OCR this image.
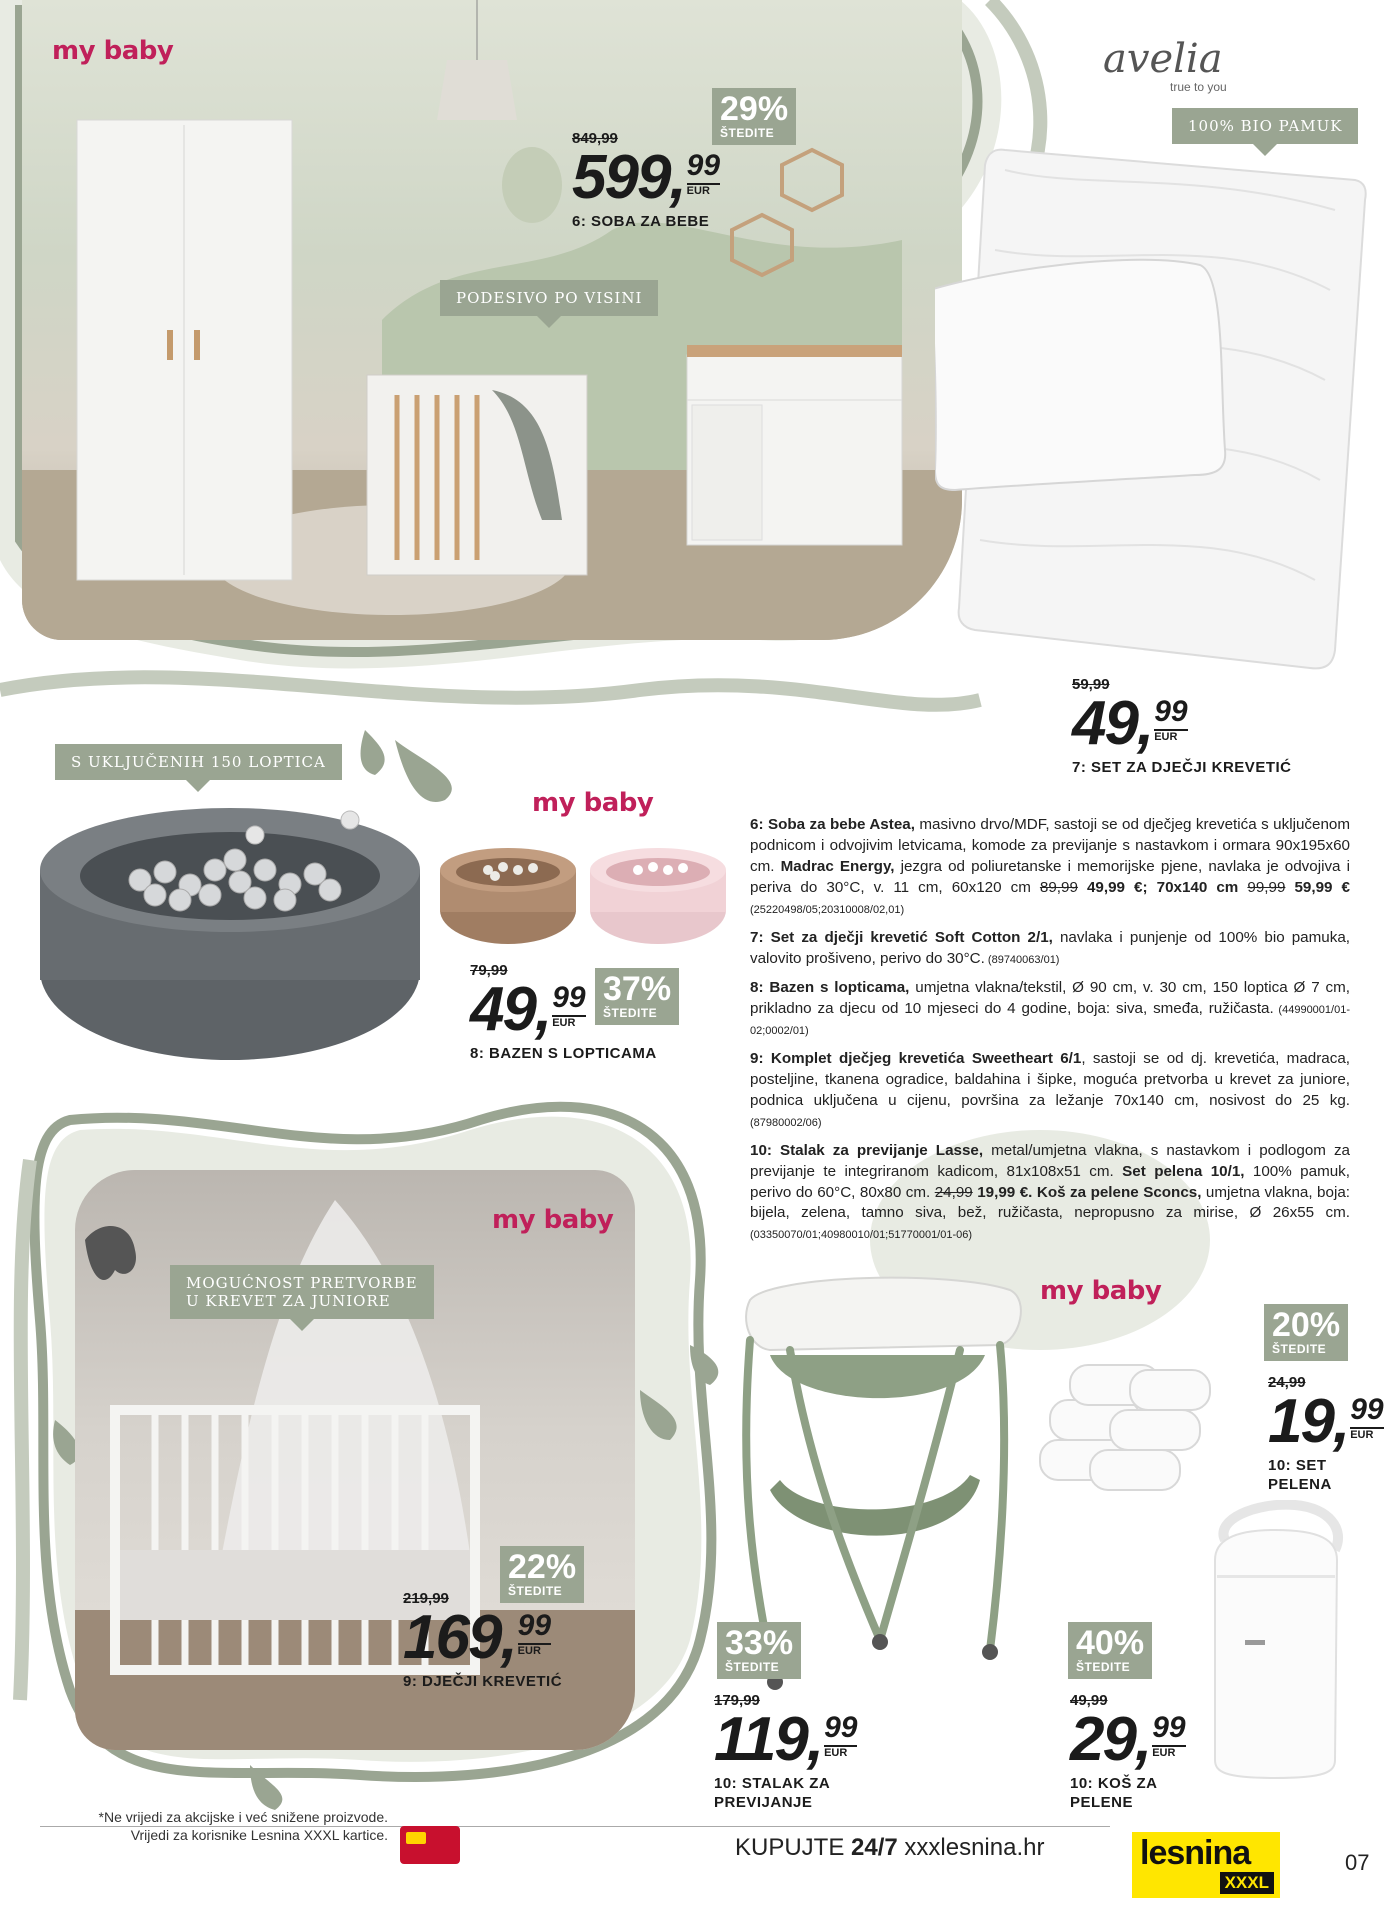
my baby
PODESIVO PO VISINI
29%
ŠTEDITE
849,99
599, 99
EUR
6: SOBA ZA BEBE
avelia
true to you
100% BIO PAMUK
59,99
49, 99
EUR
7: SET ZA DJEČJI KREVETIĆ
S UKLJUČENIH 150 LOPTICA
my baby
37%
ŠTEDITE
79,99
49, 99
EUR
8: BAZEN S LOPTICAMA

6: Soba za bebe Astea, masivno drvo/MDF, sastoji se od dječjeg krevetića s uključenom podnicom i odvojivim letvicama, komode za previjanje s nastavkom i ormara 90x195x60 cm. Madrac Energy, jezgra od poliuretanske i memorijske pjene, navlaka je odvojiva i periva do 30°C, v. 11 cm, 60x120 cm 89,99 49,99 €; 70x140 cm 99,99 59,99 € (25220498/05;20310008/02,01)

7: Set za dječji krevetić Soft Cotton 2/1, navlaka i punjenje od 100% bio pamuka, valovito prošiveno, perivo do 30°C. (89740063/01)

8: Bazen s lopticama, umjetna vlakna/tekstil, Ø 90 cm, v. 30 cm, 150 loptica Ø 7 cm, prikladno za djecu od 10 mjeseci do 4 godine, boja: siva, smeđa, ružičasta. (44990001/01-02;0002/01)

9: Komplet dječjeg krevetića Sweetheart 6/1, sastoji se od dj. krevetića, madraca, posteljine, tkanena ogradice, baldahina i šipke, moguća pretvorba u krevet za juniore, podnica uključena u cijenu, površina za ležanje 70x140 cm, nosivost do 25 kg. (87980002/06)

10: Stalak za previjanje Lasse, metal/umjetna vlakna, s nastavkom i podlogom za previjanje te integriranom kadicom, 81x108x51 cm. Set pelena 10/1, 100% pamuk, perivo do 60°C, 80x80 cm. 24,99 19,99 €. Koš za pelene Sconcs, umjetna vlakna, boja: bijela, zelena, tamno siva, bež, ružičasta, nepropusno za mirise, Ø 26x55 cm. (03350070/01;40980010/01;51770001/01-06)

my baby
MOGUĆNOST PRETVORBE
U KREVET ZA JUNIORE
22%
ŠTEDITE
219,99
169, 99
EUR
9: DJEČJI KREVETIĆ
my baby
20%
ŠTEDITE
24,99
19, 99
EUR
10: SET
PELENA
33%
ŠTEDITE
179,99
119, 99
EUR
10: STALAK ZA
PREVIJANJE
40%
ŠTEDITE
49,99
29, 99
EUR
10: KOŠ ZA
PELENE
*Ne vrijedi za akcijske i već snižene proizvode.
Vrijedi za korisnike Lesnina XXXL kartice.	KUPUJTE 24/7 xxxlesnina.hr	lesnina
XXXL
07
